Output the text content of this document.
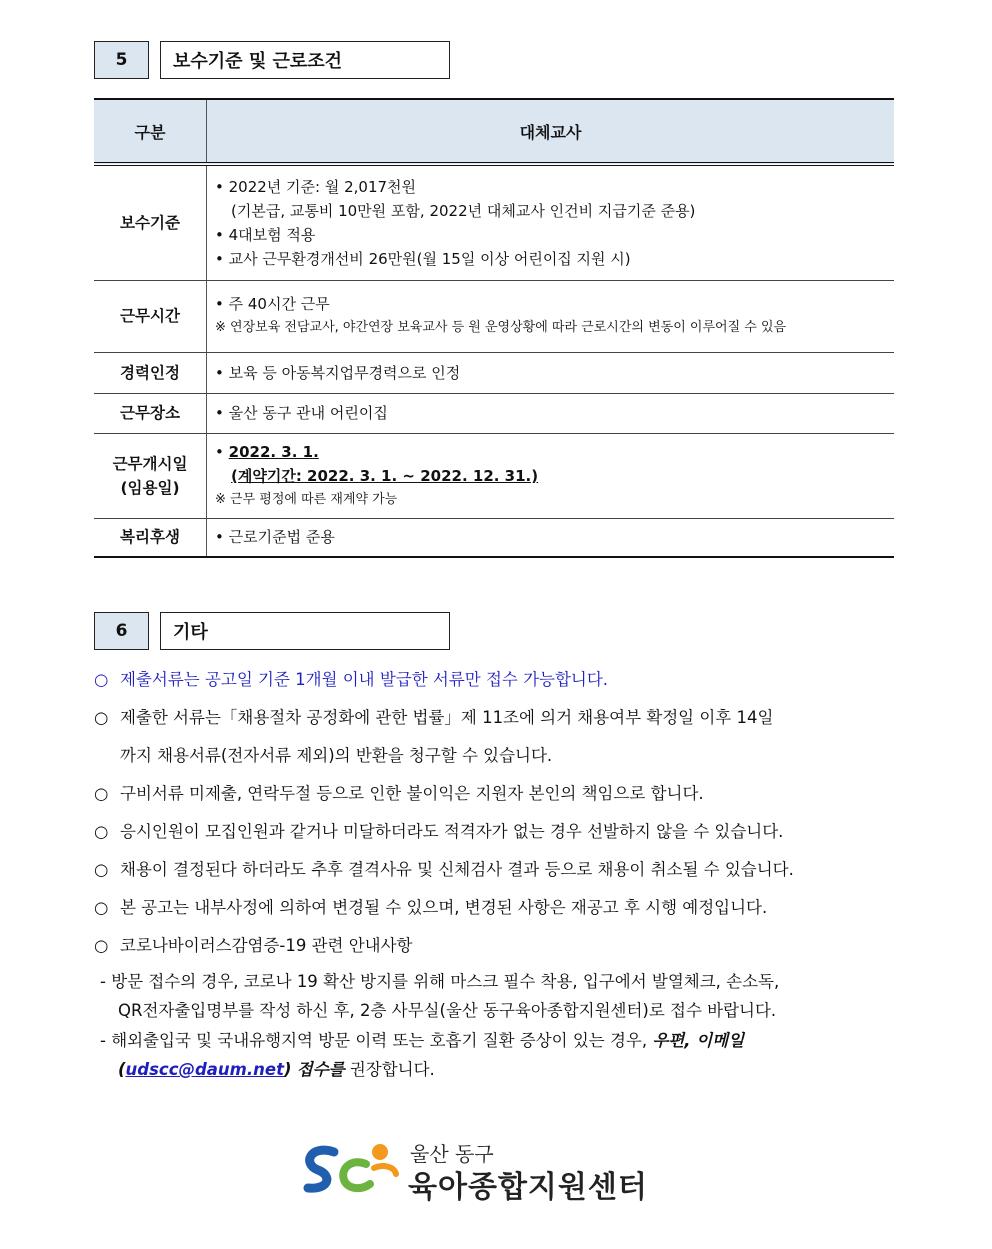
5	보수기준 및 근로조건
구분	대체교사
보수기준	• 2022년 기준: 월 2,017천원
(기본급, 교통비 10만원 포함, 2022년 대체교사 인건비 지급기준 준용)
• 4대보험 적용
• 교사 근무환경개선비 26만원(월 15일 이상 어린이집 지원 시)

근무시간	• 주 40시간 근무
※ 연장보육 전담교사, 야간연장 보육교사 등 원 운영상황에 따라 근로시간의 변동이 이루어질 수 있음

경력인정	• 보육 등 아동복지업무경력으로 인정

근무장소	• 울산 동구 관내 어린이집

근무개시일
(임용일)	• 2022. 3. 1.
(계약기간: 2022. 3. 1. ~ 2022. 12. 31.)
※ 근무 평정에 따른 재계약 가능

복리후생	• 근로기준법 준용
6	기타
○ 제출서류는 공고일 기준 1개월 이내 발급한 서류만 접수 가능합니다.
○ 제출한 서류는「채용절차 공정화에 관한 법률」제 11조에 의거 채용여부 확정일 이후 14일
까지 채용서류(전자서류 제외)의 반환을 청구할 수 있습니다.
○ 구비서류 미제출, 연락두절 등으로 인한 불이익은 지원자 본인의 책임으로 합니다.
○ 응시인원이 모집인원과 같거나 미달하더라도 적격자가 없는 경우 선발하지 않을 수 있습니다.
○ 채용이 결정된다 하더라도 추후 결격사유 및 신체검사 결과 등으로 채용이 취소될 수 있습니다.
○ 본 공고는 내부사정에 의하여 변경될 수 있으며, 변경된 사항은 재공고 후 시행 예정입니다.
○ 코로나바이러스감염증-19 관련 안내사항
- 방문 접수의 경우, 코로나 19 확산 방지를 위해 마스크 필수 착용, 입구에서 발열체크, 손소독,
QR전자출입명부를 작성 하신 후, 2층 사무실(울산 동구육아종합지원센터)로 접수 바랍니다.
- 해외출입국 및 국내유행지역 방문 이력 또는 호흡기 질환 증상이 있는 경우, 우편, 이메일
(udscc@daum.net) 접수를 권장합니다.
울산 동구
육아종합지원센터
